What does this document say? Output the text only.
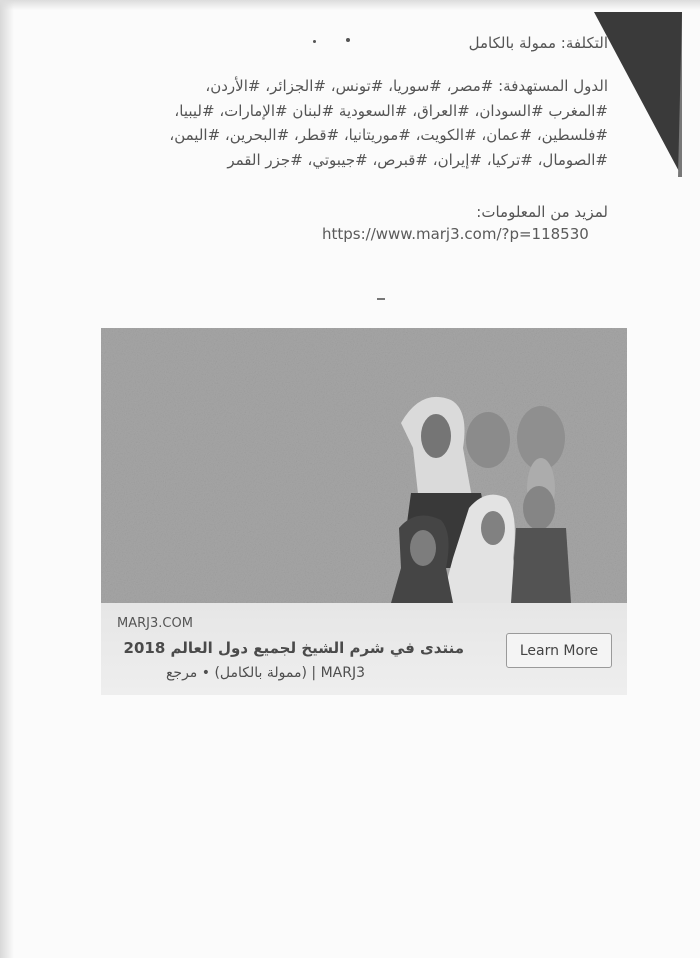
التكلفة: ممولة بالكامل
الدول المستهدفة: #مصر، #سوريا، #تونس، #الجزائر، #الأردن،
#المغرب #السودان، #العراق، #السعودية #لبنان #الإمارات، #ليبيا،
#فلسطين، #عمان، #الكويت، #موريتانيا، #قطر، #البحرين، #اليمن،
#الصومال، #تركيا، #إيران، #قبرص، #جيبوتي، #جزر القمر
لمزيد من المعلومات:
https://www.marj3.com/?p=118530
MARJ3.COM
منتدى في شرم الشيخ لجميع دول العالم 2018
MARJ3 | (ممولة بالكامل) • مرجع
Learn More
